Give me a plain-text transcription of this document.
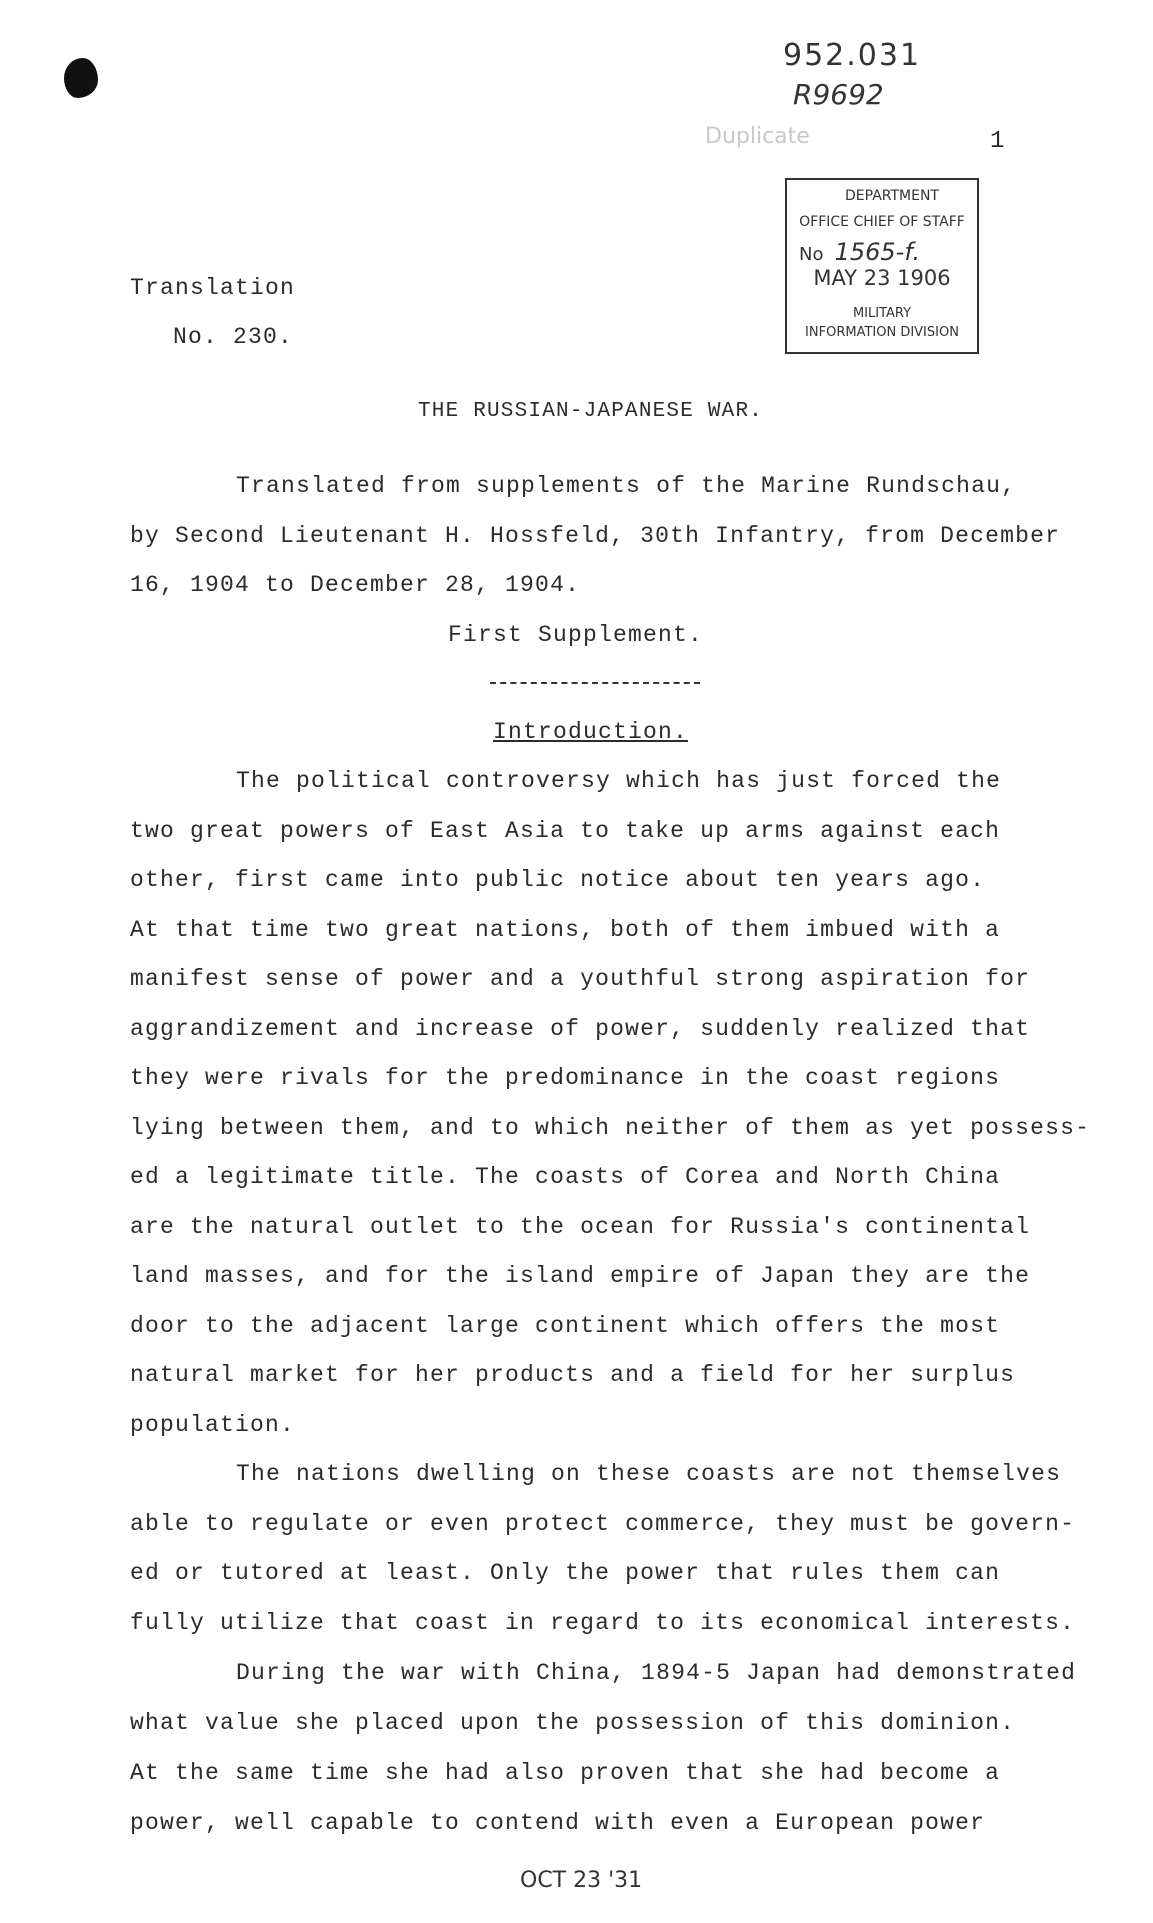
952.031
R9692
Duplicate	1
DEPARTMENT
OFFICE CHIEF OF STAFF
No 1565-f.
MAY 23 1906
MILITARY
INFORMATION DIVISION
Translation
No. 230.
THE RUSSIAN-JAPANESE WAR.
Translated from supplements of the Marine Rundschau,
by Second Lieutenant H. Hossfeld, 30th Infantry, from December
16, 1904 to December 28, 1904.
First Supplement.
Introduction.
The political controversy which has just forced the
two great powers of East Asia to take up arms against each
other, first came into public notice about ten years ago.
At that time two great nations, both of them imbued with a
manifest sense of power and a youthful strong aspiration for
aggrandizement and increase of power, suddenly realized that
they were rivals for the predominance in the coast regions
lying between them, and to which neither of them as yet possess-
ed a legitimate title. The coasts of Corea and North China
are the natural outlet to the ocean for Russia's continental
land masses, and for the island empire of Japan they are the
door to the adjacent large continent which offers the most
natural market for her products and a field for her surplus
population.
The nations dwelling on these coasts are not themselves
able to regulate or even protect commerce, they must be govern-
ed or tutored at least. Only the power that rules them can
fully utilize that coast in regard to its economical interests.
During the war with China, 1894-5 Japan had demonstrated
what value she placed upon the possession of this dominion.
At the same time she had also proven that she had become a
power, well capable to contend with even a European power
OCT 23 '31
